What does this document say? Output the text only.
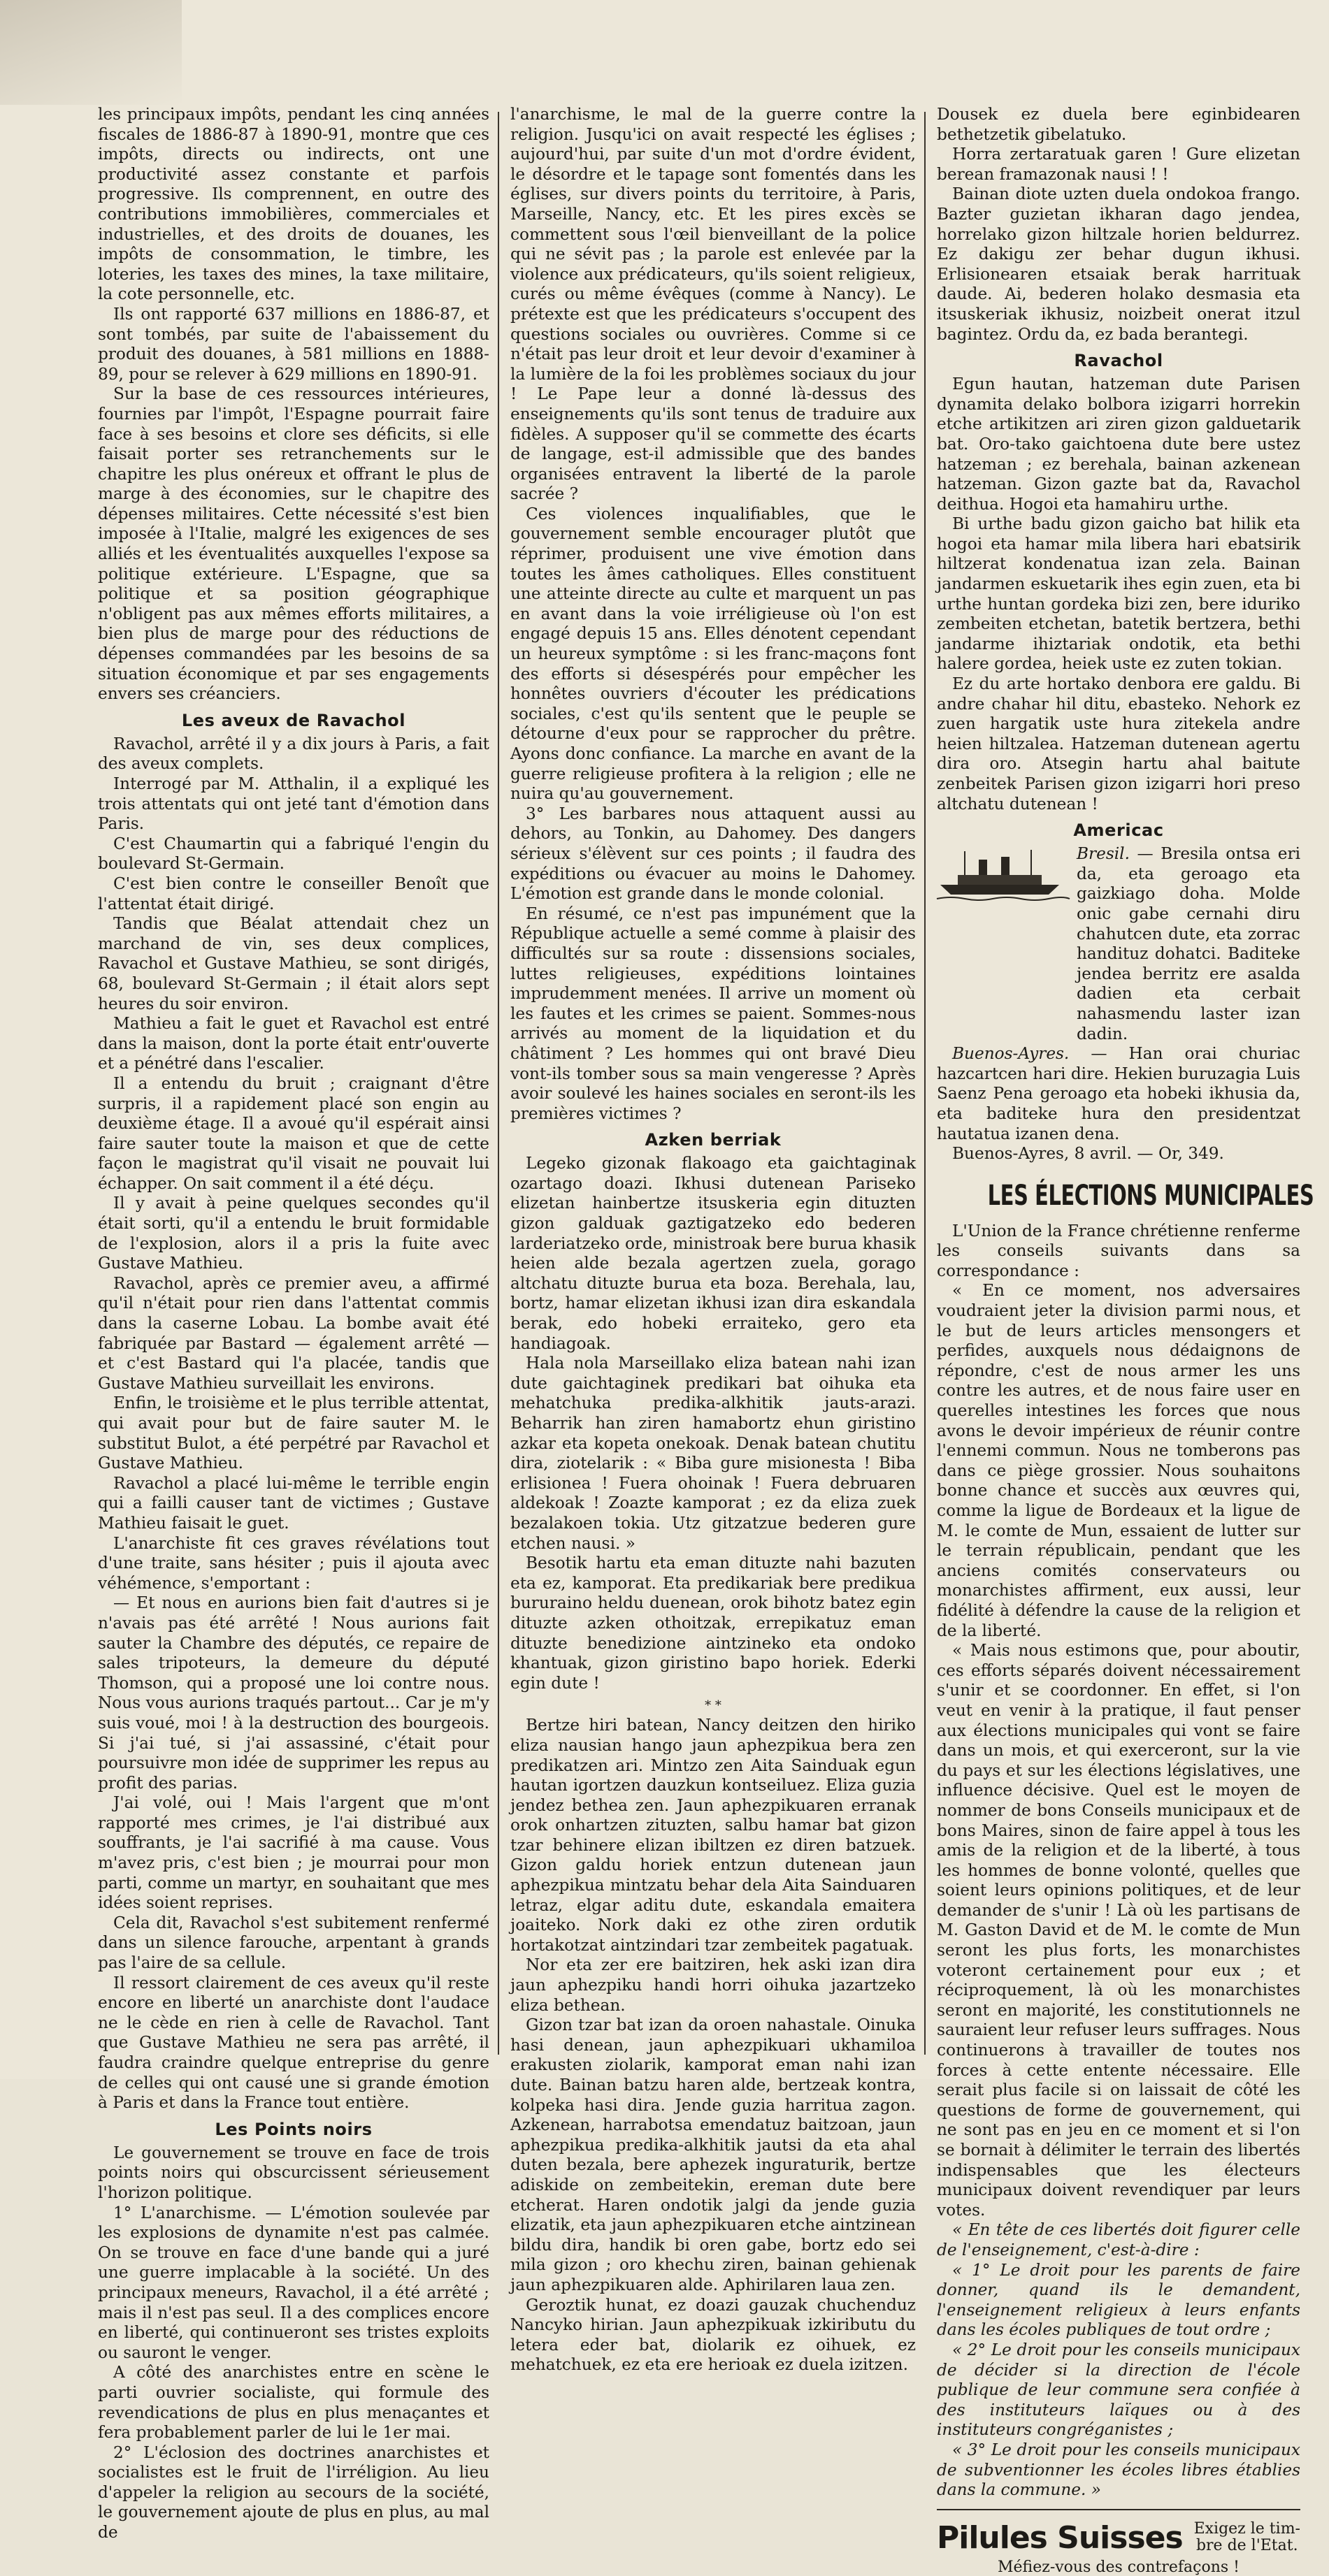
les principaux impôts, pendant les cinq années fiscales de 1886-87 à 1890-91, montre que ces impôts, directs ou indirects, ont une productivité assez constante et parfois progressive. Ils comprennent, en outre des contributions immobilières, commerciales et industrielles, et des droits de douanes, les impôts de consommation, le timbre, les loteries, les taxes des mines, la taxe militaire, la cote personnelle, etc.

Ils ont rapporté 637 millions en 1886-87, et sont tombés, par suite de l'abaissement du produit des douanes, à 581 millions en 1888-89, pour se relever à 629 millions en 1890-91.

Sur la base de ces ressources intérieures, fournies par l'impôt, l'Espagne pourrait faire face à ses besoins et clore ses déficits, si elle faisait porter ses retranchements sur le chapitre les plus onéreux et offrant le plus de marge à des économies, sur le chapitre des dépenses militaires. Cette nécessité s'est bien imposée à l'Italie, malgré les exigences de ses alliés et les éventualités auxquelles l'expose sa politique extérieure. L'Espagne, que sa politique et sa position géographique n'obligent pas aux mêmes efforts militaires, a bien plus de marge pour des réductions de dépenses commandées par les besoins de sa situation économique et par ses engagements envers ses créanciers.

Les aveux de Ravachol

Ravachol, arrêté il y a dix jours à Paris, a fait des aveux complets.

Interrogé par M. Atthalin, il a expliqué les trois attentats qui ont jeté tant d'émotion dans Paris.

C'est Chaumartin qui a fabriqué l'engin du boulevard St-Germain.

C'est bien contre le conseiller Benoît que l'attentat était dirigé.

Tandis que Béalat attendait chez un marchand de vin, ses deux complices, Ravachol et Gustave Mathieu, se sont dirigés, 68, boulevard St-Germain ; il était alors sept heures du soir environ.

Mathieu a fait le guet et Ravachol est entré dans la maison, dont la porte était entr'ouverte et a pénétré dans l'escalier.

Il a entendu du bruit ; craignant d'être surpris, il a rapidement placé son engin au deuxième étage. Il a avoué qu'il espérait ainsi faire sauter toute la maison et que de cette façon le magistrat qu'il visait ne pouvait lui échapper. On sait comment il a été déçu.

Il y avait à peine quelques secondes qu'il était sorti, qu'il a entendu le bruit formidable de l'explosion, alors il a pris la fuite avec Gustave Mathieu.

Ravachol, après ce premier aveu, a affirmé qu'il n'était pour rien dans l'attentat commis dans la caserne Lobau. La bombe avait été fabriquée par Bastard — également arrêté — et c'est Bastard qui l'a placée, tandis que Gustave Mathieu surveillait les environs.

Enfin, le troisième et le plus terrible attentat, qui avait pour but de faire sauter M. le substitut Bulot, a été perpétré par Ravachol et Gustave Mathieu.

Ravachol a placé lui-même le terrible engin qui a failli causer tant de victimes ; Gustave Mathieu faisait le guet.

L'anarchiste fit ces graves révélations tout d'une traite, sans hésiter ; puis il ajouta avec véhémence, s'emportant :

— Et nous en aurions bien fait d'autres si je n'avais pas été arrêté ! Nous aurions fait sauter la Chambre des députés, ce repaire de sales tripoteurs, la demeure du député Thomson, qui a proposé une loi contre nous. Nous vous aurions traqués partout... Car je m'y suis voué, moi ! à la destruction des bourgeois. Si j'ai tué, si j'ai assassiné, c'était pour poursuivre mon idée de supprimer les repus au profit des parias.

J'ai volé, oui ! Mais l'argent que m'ont rapporté mes crimes, je l'ai distribué aux souffrants, je l'ai sacrifié à ma cause. Vous m'avez pris, c'est bien ; je mourrai pour mon parti, comme un martyr, en souhaitant que mes idées soient reprises.

Cela dit, Ravachol s'est subitement renfermé dans un silence farouche, arpentant à grands pas l'aire de sa cellule.

Il ressort clairement de ces aveux qu'il reste encore en liberté un anarchiste dont l'audace ne le cède en rien à celle de Ravachol. Tant que Gustave Mathieu ne sera pas arrêté, il faudra craindre quelque entreprise du genre de celles qui ont causé une si grande émotion à Paris et dans la France tout entière.

Les Points noirs

Le gouvernement se trouve en face de trois points noirs qui obscurcissent sérieusement l'horizon politique.

1° L'anarchisme. — L'émotion soulevée par les explosions de dynamite n'est pas calmée. On se trouve en face d'une bande qui a juré une guerre implacable à la société. Un des principaux meneurs, Ravachol, il a été arrêté ; mais il n'est pas seul. Il a des complices encore en liberté, qui continueront ses tristes exploits ou sauront le venger.

A côté des anarchistes entre en scène le parti ouvrier socialiste, qui formule des revendications de plus en plus menaçantes et fera probablement parler de lui le 1er mai.

2° L'éclosion des doctrines anarchistes et socialistes est le fruit de l'irréligion. Au lieu d'appeler la religion au secours de la société, le gouvernement ajoute de plus en plus, au mal de

l'anarchisme, le mal de la guerre contre la religion. Jusqu'ici on avait respecté les églises ; aujourd'hui, par suite d'un mot d'ordre évident, le désordre et le tapage sont fomentés dans les églises, sur divers points du territoire, à Paris, Marseille, Nancy, etc. Et les pires excès se commettent sous l'œil bienveillant de la police qui ne sévit pas ; la parole est enlevée par la violence aux prédicateurs, qu'ils soient religieux, curés ou même évêques (comme à Nancy). Le prétexte est que les prédicateurs s'occupent des questions sociales ou ouvrières. Comme si ce n'était pas leur droit et leur devoir d'examiner à la lumière de la foi les problèmes sociaux du jour ! Le Pape leur a donné là-dessus des enseignements qu'ils sont tenus de traduire aux fidèles. A supposer qu'il se commette des écarts de langage, est-il admissible que des bandes organisées entravent la liberté de la parole sacrée ?

Ces violences inqualifiables, que le gouvernement semble encourager plutôt que réprimer, produisent une vive émotion dans toutes les âmes catholiques. Elles constituent une atteinte directe au culte et marquent un pas en avant dans la voie irréligieuse où l'on est engagé depuis 15 ans. Elles dénotent cependant un heureux symptôme : si les franc-maçons font des efforts si désespérés pour empêcher les honnêtes ouvriers d'écouter les prédications sociales, c'est qu'ils sentent que le peuple se détourne d'eux pour se rapprocher du prêtre. Ayons donc confiance. La marche en avant de la guerre religieuse profitera à la religion ; elle ne nuira qu'au gouvernement.

3° Les barbares nous attaquent aussi au dehors, au Tonkin, au Dahomey. Des dangers sérieux s'élèvent sur ces points ; il faudra des expéditions ou évacuer au moins le Dahomey. L'émotion est grande dans le monde colonial.

En résumé, ce n'est pas impunément que la République actuelle a semé comme à plaisir des difficultés sur sa route : dissensions sociales, luttes religieuses, expéditions lointaines imprudemment menées. Il arrive un moment où les fautes et les crimes se paient. Sommes-nous arrivés au moment de la liquidation et du châtiment ? Les hommes qui ont bravé Dieu vont-ils tomber sous sa main vengeresse ? Après avoir soulevé les haines sociales en seront-ils les premières victimes ?

Azken berriak

Legeko gizonak flakoago eta gaichtaginak ozartago doazi. Ikhusi dutenean Pariseko elizetan hainbertze itsuskeria egin dituzten gizon galduak gaztigatzeko edo bederen larderiatzeko orde, ministroak bere burua khasik heien alde bezala agertzen zuela, gorago altchatu dituzte burua eta boza. Berehala, lau, bortz, hamar elizetan ikhusi izan dira eskandala berak, edo hobeki erraiteko, gero eta handiagoak.

Hala nola Marseillako eliza batean nahi izan dute gaichtaginek predikari bat oihuka eta mehatchuka predika-alkhitik jauts-arazi. Beharrik han ziren hamabortz ehun giristino azkar eta kopeta onekoak. Denak batean chutitu dira, ziotelarik : « Biba gure misionesta ! Biba erlisionea ! Fuera ohoinak ! Fuera debruaren aldekoak ! Zoazte kamporat ; ez da eliza zuek bezalakoen tokia. Utz gitzatzue bederen gure etchen nausi. »

Besotik hartu eta eman dituzte nahi bazuten eta ez, kamporat. Eta predikariak bere predikua bururaino heldu duenean, orok bihotz batez egin dituzte azken othoitzak, errepikatuz eman dituzte benedizione aintzineko eta ondoko khantuak, gizon giristino bapo horiek. Ederki egin dute !

* *

Bertze hiri batean, Nancy deitzen den hiriko eliza nausian hango jaun aphezpikua bera zen predikatzen ari. Mintzo zen Aita Sainduak egun hautan igortzen dauzkun kontseiluez. Eliza guzia jendez bethea zen. Jaun aphezpikuaren erranak orok onhartzen zituzten, salbu hamar bat gizon tzar behinere elizan ibiltzen ez diren batzuek. Gizon galdu horiek entzun dutenean jaun aphezpikua mintzatu behar dela Aita Sainduaren letraz, elgar aditu dute, eskandala emaitera joaiteko. Nork daki ez othe ziren ordutik hortakotzat aintzindari tzar zembeitek pagatuak.

Nor eta zer ere baitziren, hek aski izan dira jaun aphezpiku handi horri oihuka jazartzeko eliza bethean.

Gizon tzar bat izan da oroen nahastale. Oinuka hasi denean, jaun aphezpikuari ukhamiloa erakusten ziolarik, kamporat eman nahi izan dute. Bainan batzu haren alde, bertzeak kontra, kolpeka hasi dira. Jende guzia harritua zagon. Azkenean, harrabotsa emendatuz baitzoan, jaun aphezpikua predika-alkhitik jautsi da eta ahal duten bezala, bere aphezek inguraturik, bertze adiskide on zembeitekin, ereman dute bere etcherat. Haren ondotik jalgi da jende guzia elizatik, eta jaun aphezpikuaren etche aintzinean bildu dira, handik bi oren gabe, bortz edo sei mila gizon ; oro khechu ziren, bainan gehienak jaun aphezpikuaren alde. Aphirilaren laua zen.

Geroztik hunat, ez doazi gauzak chuchenduz Nancyko hirian. Jaun aphezpikuak izkiributu du letera eder bat, diolarik ez oihuek, ez mehatchuek, ez eta ere herioak ez duela izitzen.

Dousek ez duela bere eginbidearen bethetzetik gibelatuko.

Horra zertaratuak garen ! Gure elizetan berean framazonak nausi ! !

Bainan diote uzten duela ondokoa frango. Bazter guzietan ikharan dago jendea, horrelako gizon hiltzale horien beldurrez. Ez dakigu zer behar dugun ikhusi. Erlisionearen etsaiak berak harrituak daude. Ai, bederen holako desmasia eta itsuskeriak ikhusiz, noizbeit onerat itzul bagintez. Ordu da, ez bada berantegi.

Ravachol

Egun hautan, hatzeman dute Parisen dynamita delako bolbora izigarri horrekin etche artikitzen ari ziren gizon galduetarik bat. Oro-tako gaichtoena dute bere ustez hatzeman ; ez berehala, bainan azkenean hatzeman. Gizon gazte bat da, Ravachol deithua. Hogoi eta hamahiru urthe.

Bi urthe badu gizon gaicho bat hilik eta hogoi eta hamar mila libera hari ebatsirik hiltzerat kondenatua izan zela. Bainan jandarmen eskuetarik ihes egin zuen, eta bi urthe huntan gordeka bizi zen, bere iduriko zembeiten etchetan, batetik bertzera, bethi jandarme ihiztariak ondotik, eta bethi halere gordea, heiek uste ez zuten tokian.

Ez du arte hortako denbora ere galdu. Bi andre chahar hil ditu, ebasteko. Nehork ez zuen hargatik uste hura zitekela andre heien hiltzalea. Hatzeman dutenean agertu dira oro. Atsegin hartu ahal baitute zenbeitek Parisen gizon izigarri hori preso altchatu dutenean !

Americac

Bresil. — Bresila ontsa eri da, eta geroago eta gaizkiago doha. Molde onic gabe cernahi diru chahutcen dute, eta zorrac handituz dohatci. Baditeke jendea berritz ere asalda dadien eta cerbait nahasmendu laster izan dadin.

Buenos-Ayres. — Han orai churiac hazcartcen hari dire. Hekien buruzagia Luis Saenz Pena geroago eta hobeki ikhusia da, eta baditeke hura den presidentzat hautatua izanen dena.

Buenos-Ayres, 8 avril. — Or, 349.

LES ÉLECTIONS MUNICIPALES

L'Union de la France chrétienne renferme les conseils suivants dans sa correspondance :

« En ce moment, nos adversaires voudraient jeter la division parmi nous, et le but de leurs articles mensongers et perfides, auxquels nous dédaignons de répondre, c'est de nous armer les uns contre les autres, et de nous faire user en querelles intestines les forces que nous avons le devoir impérieux de réunir contre l'ennemi commun. Nous ne tomberons pas dans ce piège grossier. Nous souhaitons bonne chance et succès aux œuvres qui, comme la ligue de Bordeaux et la ligue de M. le comte de Mun, essaient de lutter sur le terrain républicain, pendant que les anciens comités conservateurs ou monarchistes affirment, eux aussi, leur fidélité à défendre la cause de la religion et de la liberté.

« Mais nous estimons que, pour aboutir, ces efforts séparés doivent nécessairement s'unir et se coordonner. En effet, si l'on veut en venir à la pratique, il faut penser aux élections municipales qui vont se faire dans un mois, et qui exerceront, sur la vie du pays et sur les élections législatives, une influence décisive. Quel est le moyen de nommer de bons Conseils municipaux et de bons Maires, sinon de faire appel à tous les amis de la religion et de la liberté, à tous les hommes de bonne volonté, quelles que soient leurs opinions politiques, et de leur demander de s'unir ! Là où les partisans de M. Gaston David et de M. le comte de Mun seront les plus forts, les monarchistes voteront certainement pour eux ; et réciproquement, là où les monarchistes seront en majorité, les constitutionnels ne sauraient leur refuser leurs suffrages. Nous continuerons à travailler de toutes nos forces à cette entente nécessaire. Elle serait plus facile si on laissait de côté les questions de forme de gouvernement, qui ne sont pas en jeu en ce moment et si l'on se bornait à délimiter le terrain des libertés indispensables que les électeurs municipaux doivent revendiquer par leurs votes.

« En tête de ces libertés doit figurer celle de l'enseignement, c'est-à-dire :

« 1° Le droit pour les parents de faire donner, quand ils le demandent, l'enseignement religieux à leurs enfants dans les écoles publiques de tout ordre ;

« 2° Le droit pour les conseils municipaux de décider si la direction de l'école publique de leur commune sera confiée à des instituteurs laïques ou à des instituteurs congréganistes ;

« 3° Le droit pour les conseils municipaux de subventionner les écoles libres établies dans la commune. »

Pilules Suisses Exigez le tim-
bre de l'Etat.
Méfiez-vous des contrefaçons !
